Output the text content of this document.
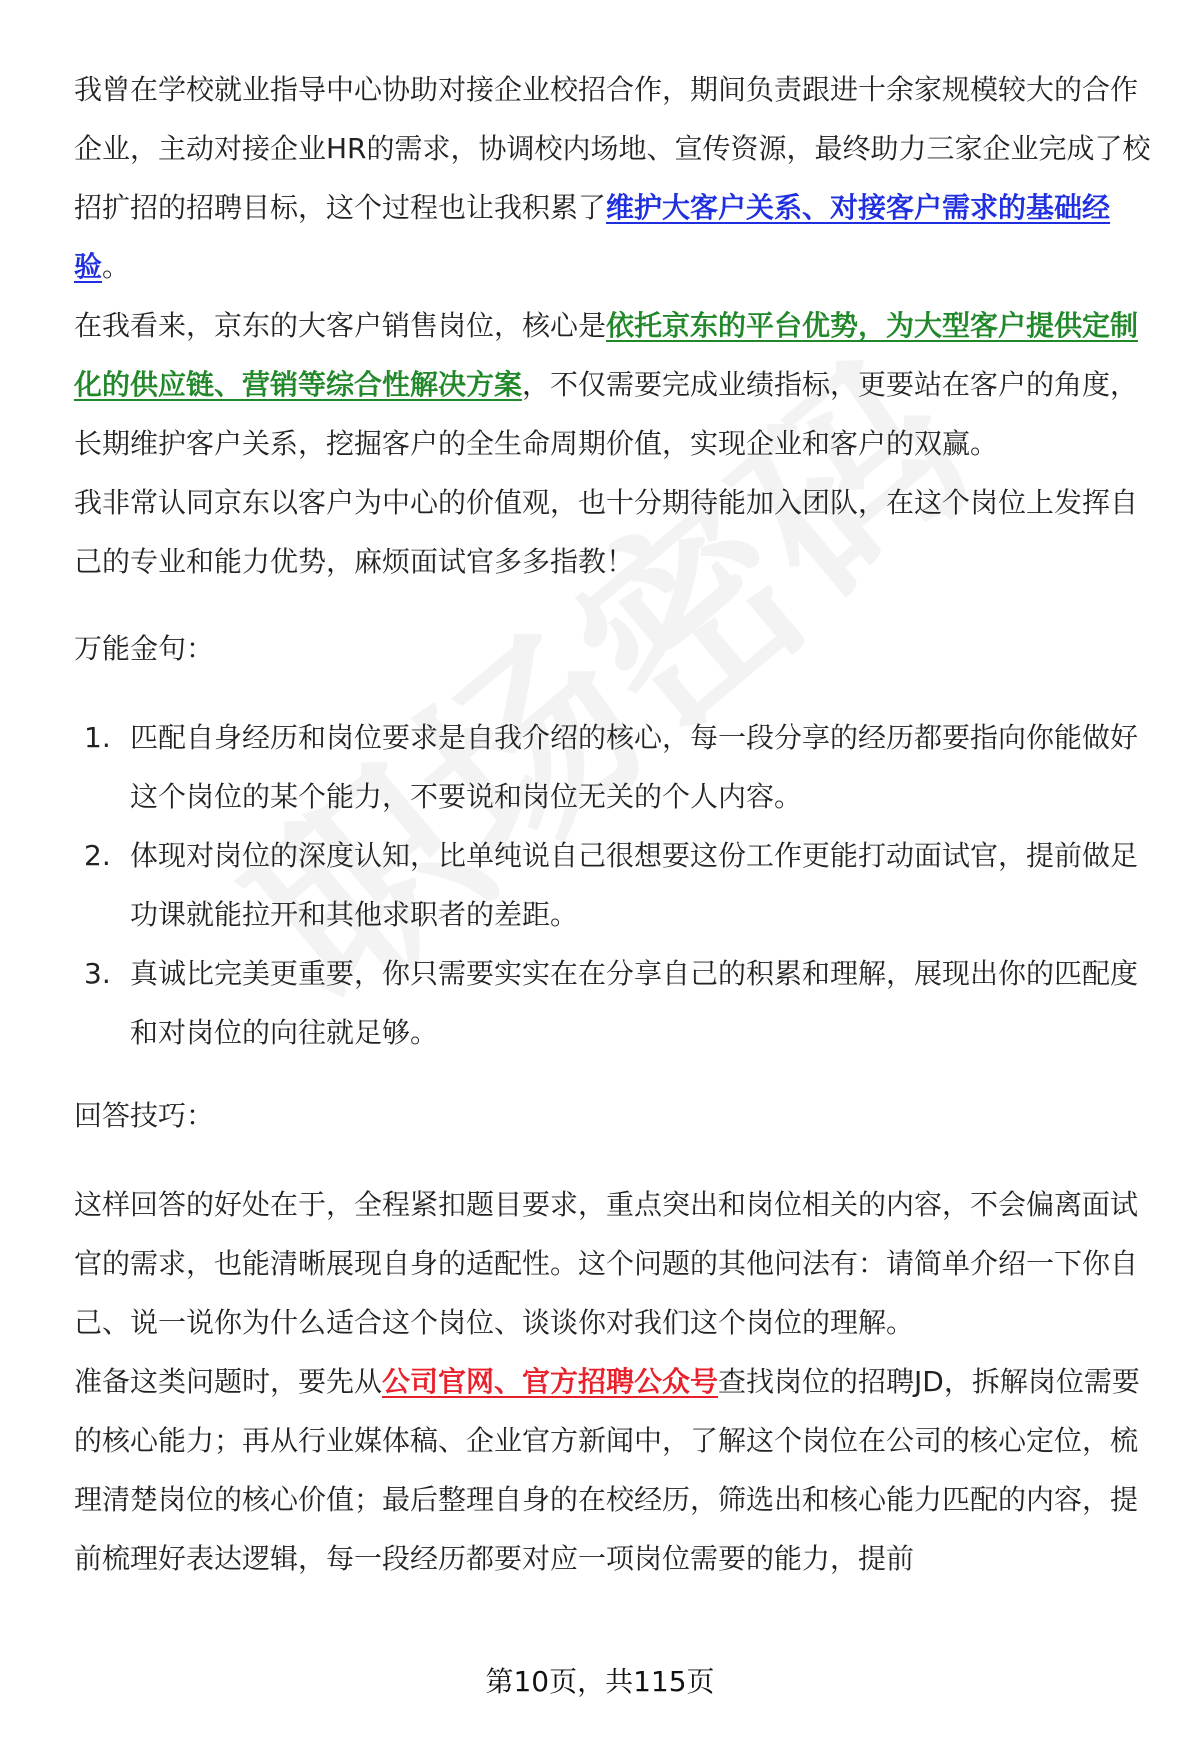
我曾在学校就业指导中心协助对接企业校招合作，期间负责跟进十余家规模较大的合作企业，主动对接企业HR的需求，协调校内场地、宣传资源，最终助力三家企业完成了校招扩招的招聘目标，这个过程也让我积累了维护大客户关系、对接客户需求的基础经验。

在我看来，京东的大客户销售岗位，核心是依托京东的平台优势，为大型客户提供定制化的供应链、营销等综合性解决方案，不仅需要完成业绩指标，更要站在客户的角度，长期维护客户关系，挖掘客户的全生命周期价值，实现企业和客户的双赢。

我非常认同京东以客户为中心的价值观，也十分期待能加入团队，在这个岗位上发挥自己的专业和能力优势，麻烦面试官多多指教！

万能金句：

1. 匹配自身经历和岗位要求是自我介绍的核心，每一段分享的经历都要指向你能做好这个岗位的某个能力，不要说和岗位无关的个人内容。
2. 体现对岗位的深度认知，比单纯说自己很想要这份工作更能打动面试官，提前做足功课就能拉开和其他求职者的差距。
3. 真诚比完美更重要，你只需要实实在在分享自己的积累和理解，展现出你的匹配度和对岗位的向往就足够。

回答技巧：

这样回答的好处在于，全程紧扣题目要求，重点突出和岗位相关的内容，不会偏离面试官的需求，也能清晰展现自身的适配性。这个问题的其他问法有：请简单介绍一下你自己、说一说你为什么适合这个岗位、谈谈你对我们这个岗位的理解。

准备这类问题时，要先从公司官网、官方招聘公众号查找岗位的招聘JD，拆解岗位需要的核心能力；再从行业媒体稿、企业官方新闻中，了解这个岗位在公司的核心定位，梳理清楚岗位的核心价值；最后整理自身的在校经历，筛选出和核心能力匹配的内容，提前梳理好表达逻辑，每一段经历都要对应一项岗位需要的能力，提前

第10页，共115页
